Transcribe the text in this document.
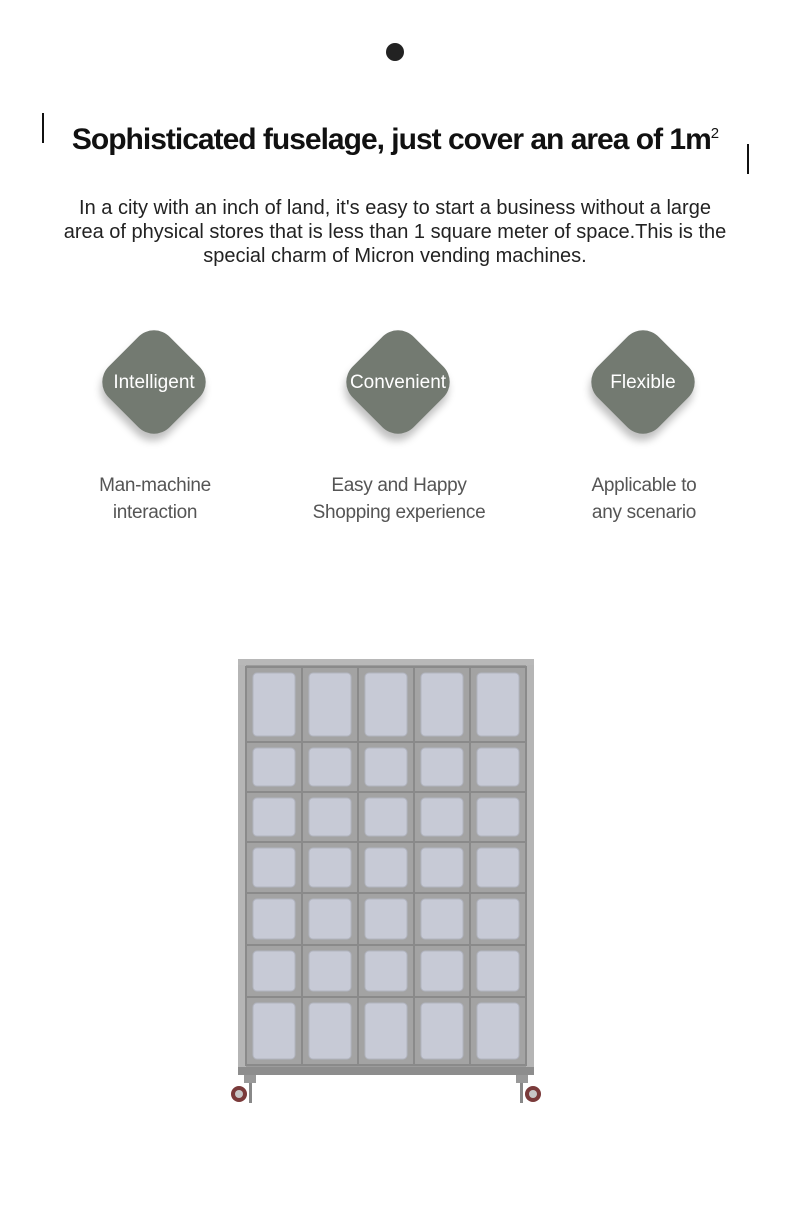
Sophisticated fuselage, just cover an area of $1m^2$
In a city with an inch of land, it's easy to start a business without a large area of physical stores that is less than 1 square meter of space.This is the special charm of Micron vending machines.
Intelligent
Man-machine
interaction
Convenient
Easy and Happy
Shopping experience
Flexible
Applicable to
any scenario
